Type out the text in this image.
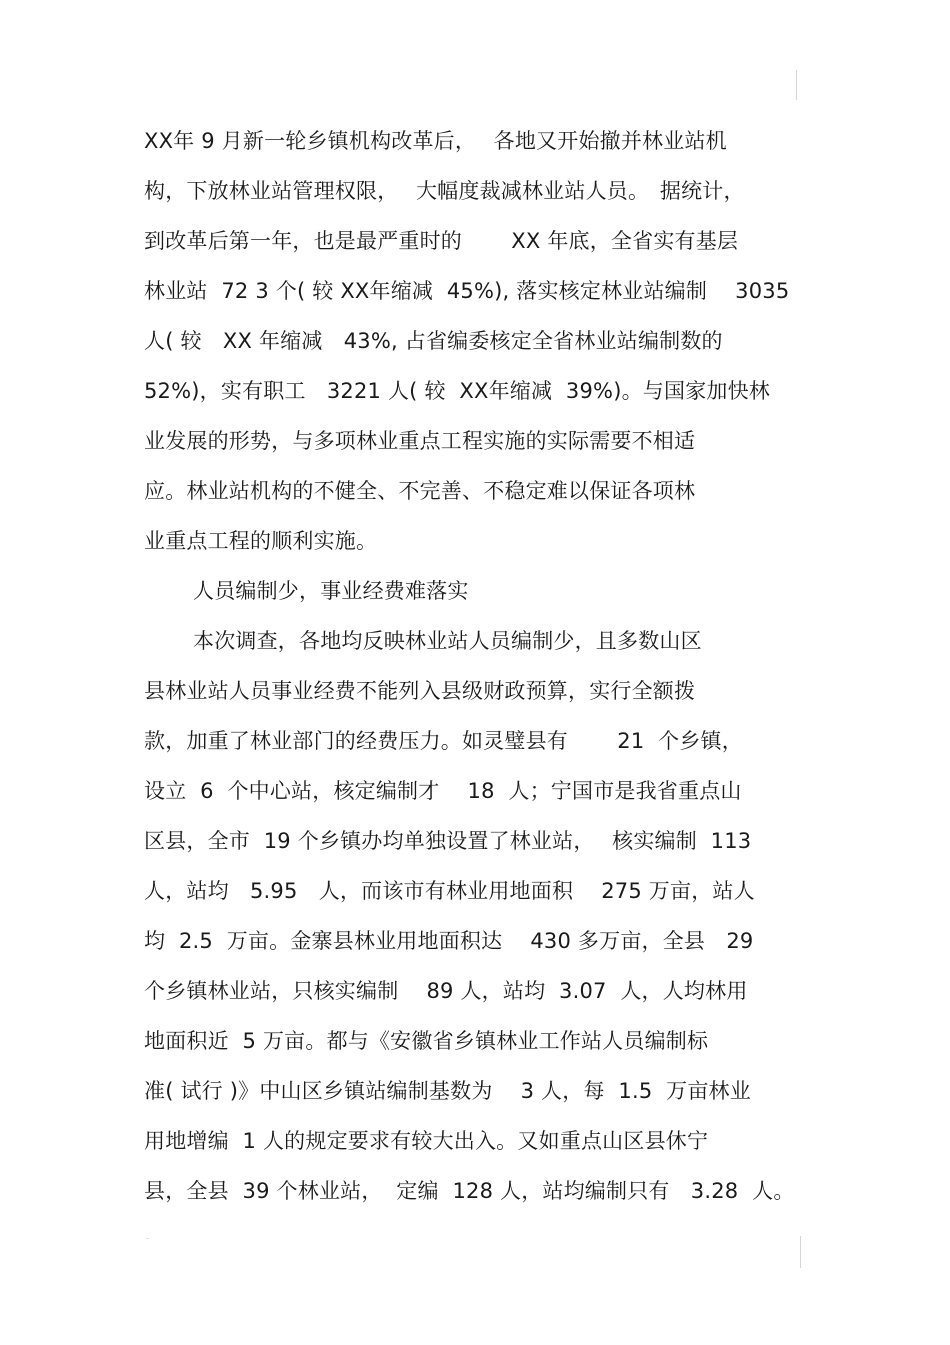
XX年 9 月新一轮乡镇机构改革后，　 各地又开始撤并林业站机
构，下放林业站管理权限，　 大幅度裁减林业站人员。　据统计，
到改革后第一年，也是最严重时的　　 XX 年底，全省实有基层
林业站  72 3 个( 较 XX年缩减  45%), 落实核定林业站编制　 3035
人( 较　XX 年缩减　43%, 占省编委核定全省林业站编制数的
52%)，实有职工　3221 人( 较  XX年缩减  39%)。与国家加快林
业发展的形势，与多项林业重点工程实施的实际需要不相适
应。林业站机构的不健全、不完善、不稳定难以保证各项林
业重点工程的顺利实施。
人员编制少，事业经费难落实
本次调查，各地均反映林业站人员编制少，且多数山区
县林业站人员事业经费不能列入县级财政预算，实行全额拨
款，加重了林业部门的经费压力。如灵璧县有　　 21  个乡镇，
设立  6  个中心站，核定编制才　 18  人；宁国市是我省重点山
区县，全市  19 个乡镇办均单独设置了林业站，　 核实编制  113
人，站均　5.95　人，而该市有林业用地面积　 275 万亩，站人
均  2.5  万亩。金寨县林业用地面积达　 430 多万亩，全县　29
个乡镇林业站，只核实编制　 89 人，站均  3.07  人，人均林用
地面积近  5 万亩。都与《安徽省乡镇林业工作站人员编制标
准( 试行 )》中山区乡镇站编制基数为　 3 人，每  1.5  万亩林业
用地增编  1 人的规定要求有较大出入。又如重点山区县休宁
县，全县  39 个林业站，  定编  128 人，站均编制只有　3.28  人。
